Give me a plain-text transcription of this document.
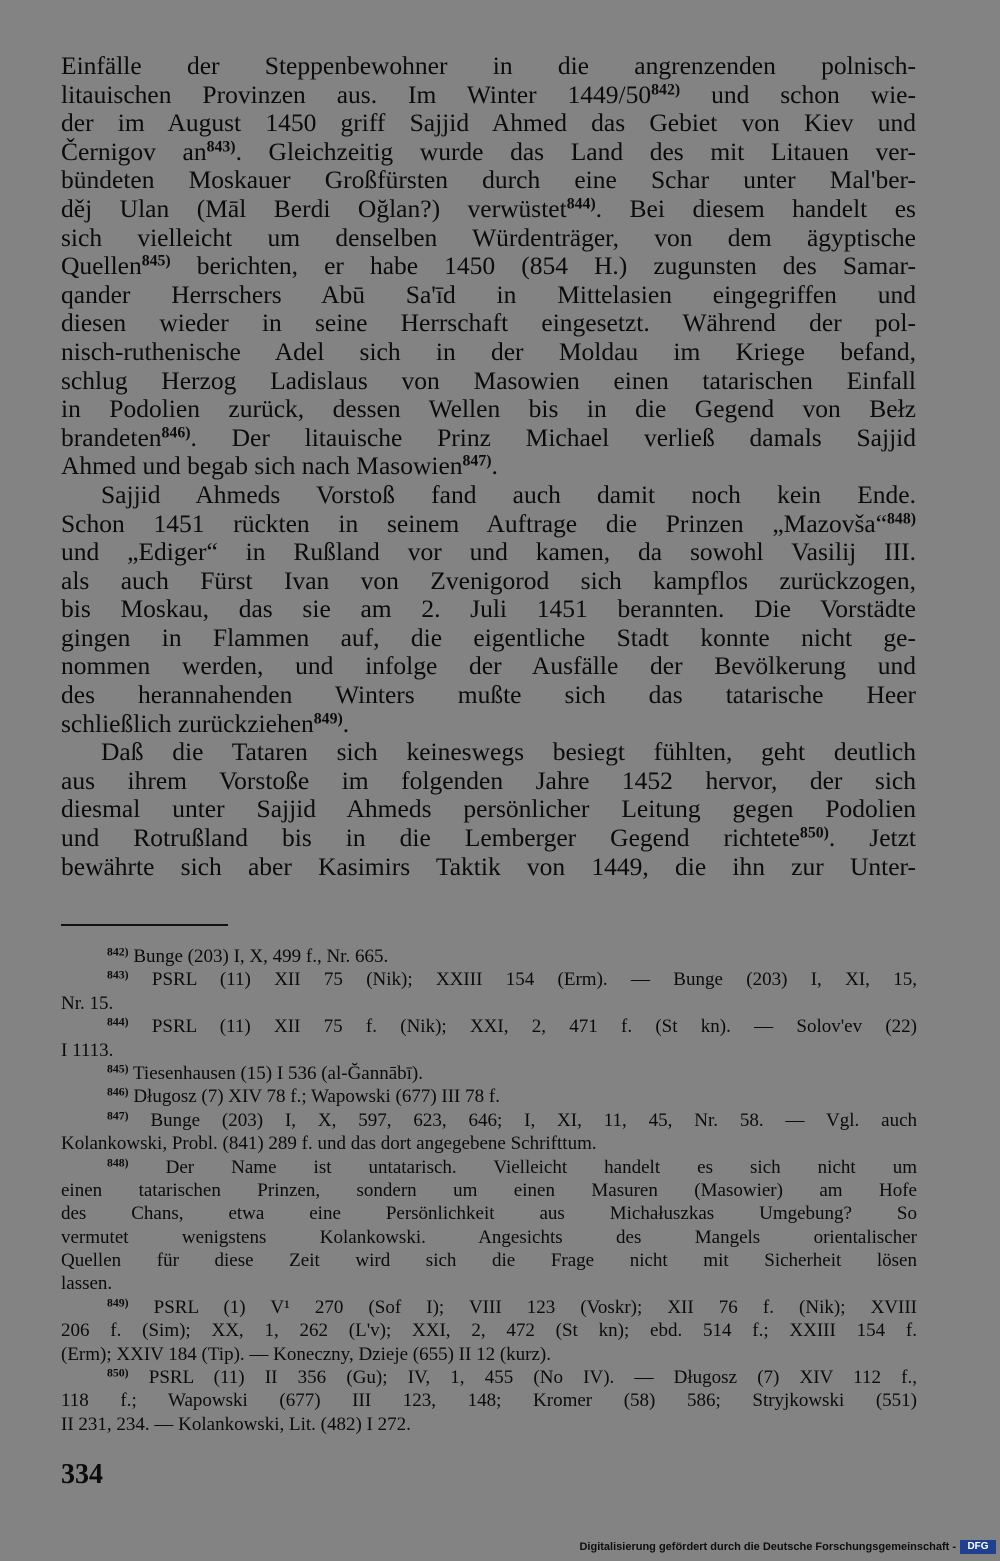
Einfälle der Steppenbewohner in die angrenzenden polnisch-
litauischen Provinzen aus. Im Winter 1449/50$^{842)}$ und schon wie-
der im August 1450 griff Sajjid Ahmed das Gebiet von Kiev und
Černigov an$^{843)}$. Gleichzeitig wurde das Land des mit Litauen ver-
bündeten Moskauer Großfürsten durch eine Schar unter Mal'ber-
děj Ulan (Māl Berdi Oğlan?) verwüstet$^{844)}$. Bei diesem handelt es
sich vielleicht um denselben Würdenträger, von dem ägyptische
Quellen$^{845)}$ berichten, er habe 1450 (854 H.) zugunsten des Samar-
qander Herrschers Abū Sa'īd in Mittelasien eingegriffen und
diesen wieder in seine Herrschaft eingesetzt. Während der pol-
nisch-ruthenische Adel sich in der Moldau im Kriege befand,
schlug Herzog Ladislaus von Masowien einen tatarischen Einfall
in Podolien zurück, dessen Wellen bis in die Gegend von Bełz
brandeten$^{846)}$. Der litauische Prinz Michael verließ damals Sajjid
Ahmed und begab sich nach Masowien$^{847)}$.
Sajjid Ahmeds Vorstoß fand auch damit noch kein Ende.
Schon 1451 rückten in seinem Auftrage die Prinzen „Mazovša“$^{848)}$
und „Ediger“ in Rußland vor und kamen, da sowohl Vasilij III.
als auch Fürst Ivan von Zvenigorod sich kampflos zurückzogen,
bis Moskau, das sie am 2. Juli 1451 berannten. Die Vorstädte
gingen in Flammen auf, die eigentliche Stadt konnte nicht ge-
nommen werden, und infolge der Ausfälle der Bevölkerung und
des herannahenden Winters mußte sich das tatarische Heer
schließlich zurückziehen$^{849)}$.
Daß die Tataren sich keineswegs besiegt fühlten, geht deutlich
aus ihrem Vorstoße im folgenden Jahre 1452 hervor, der sich
diesmal unter Sajjid Ahmeds persönlicher Leitung gegen Podolien
und Rotrußland bis in die Lemberger Gegend richtete$^{850)}$. Jetzt
bewährte sich aber Kasimirs Taktik von 1449, die ihn zur Unter-
$^{842)}$ Bunge (203) I, X, 499 f., Nr. 665.
$^{843)}$ PSRL (11) XII 75 (Nik); XXIII 154 (Erm). — Bunge (203) I, XI, 15,
Nr. 15.
$^{844)}$ PSRL (11) XII 75 f. (Nik); XXI, 2, 471 f. (St kn). — Solov'ev (22)
I 1113.
$^{845)}$ Tiesenhausen (15) I 536 (al-Ğannābī).
$^{846)}$ Długosz (7) XIV 78 f.; Wapowski (677) III 78 f.
$^{847)}$ Bunge (203) I, X, 597, 623, 646; I, XI, 11, 45, Nr. 58. — Vgl. auch
Kolankowski, Probl. (841) 289 f. und das dort angegebene Schrifttum.
$^{848)}$ Der Name ist untatarisch. Vielleicht handelt es sich nicht um
einen tatarischen Prinzen, sondern um einen Masuren (Masowier) am Hofe
des Chans, etwa eine Persönlichkeit aus Michałuszkas Umgebung? So
vermutet wenigstens Kolankowski. Angesichts des Mangels orientalischer
Quellen für diese Zeit wird sich die Frage nicht mit Sicherheit lösen
lassen.
$^{849)}$ PSRL (1) V¹ 270 (Sof I); VIII 123 (Voskr); XII 76 f. (Nik); XVIII
206 f. (Sim); XX, 1, 262 (L'v); XXI, 2, 472 (St kn); ebd. 514 f.; XXIII 154 f.
(Erm); XXIV 184 (Tip). — Koneczny, Dzieje (655) II 12 (kurz).
$^{850)}$ PSRL (11) II 356 (Gu); IV, 1, 455 (No IV). — Długosz (7) XIV 112 f.,
118 f.; Wapowski (677) III 123, 148; Kromer (58) 586; Stryjkowski (551)
II 231, 234. — Kolankowski, Lit. (482) I 272.
334
Digitalisierung gefördert durch die Deutsche Forschungsgemeinschaft -	DFG
